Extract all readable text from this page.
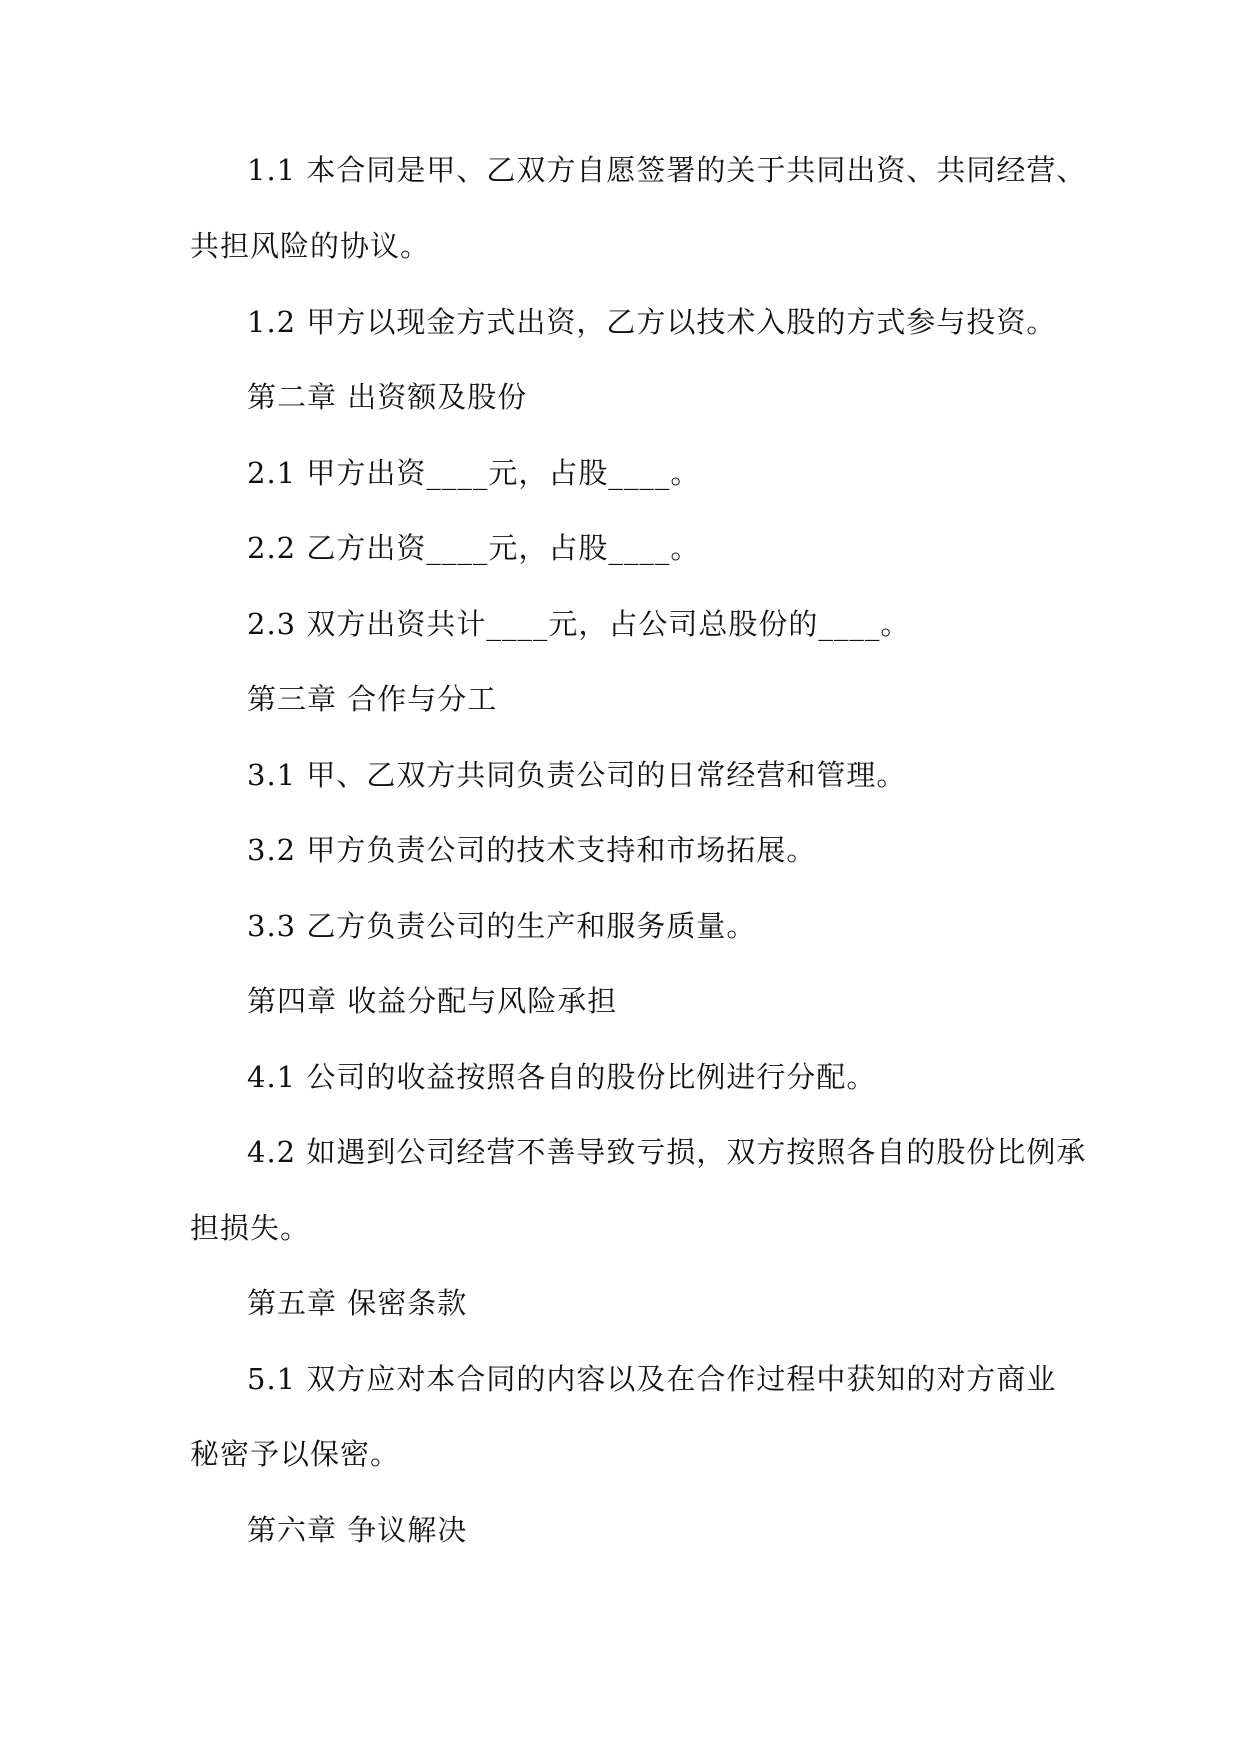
1.1 本合同是甲、乙双方自愿签署的关于共同出资、共同经营、
共担风险的协议。
1.2 甲方以现金方式出资，乙方以技术入股的方式参与投资。
第二章 出资额及股份
2.1 甲方出资____元，占股____。
2.2 乙方出资____元，占股____。
2.3 双方出资共计____元，占公司总股份的____。
第三章 合作与分工
3.1 甲、乙双方共同负责公司的日常经营和管理。
3.2 甲方负责公司的技术支持和市场拓展。
3.3 乙方负责公司的生产和服务质量。
第四章 收益分配与风险承担
4.1 公司的收益按照各自的股份比例进行分配。
4.2 如遇到公司经营不善导致亏损，双方按照各自的股份比例承
担损失。
第五章 保密条款
5.1 双方应对本合同的内容以及在合作过程中获知的对方商业
秘密予以保密。
第六章 争议解决
